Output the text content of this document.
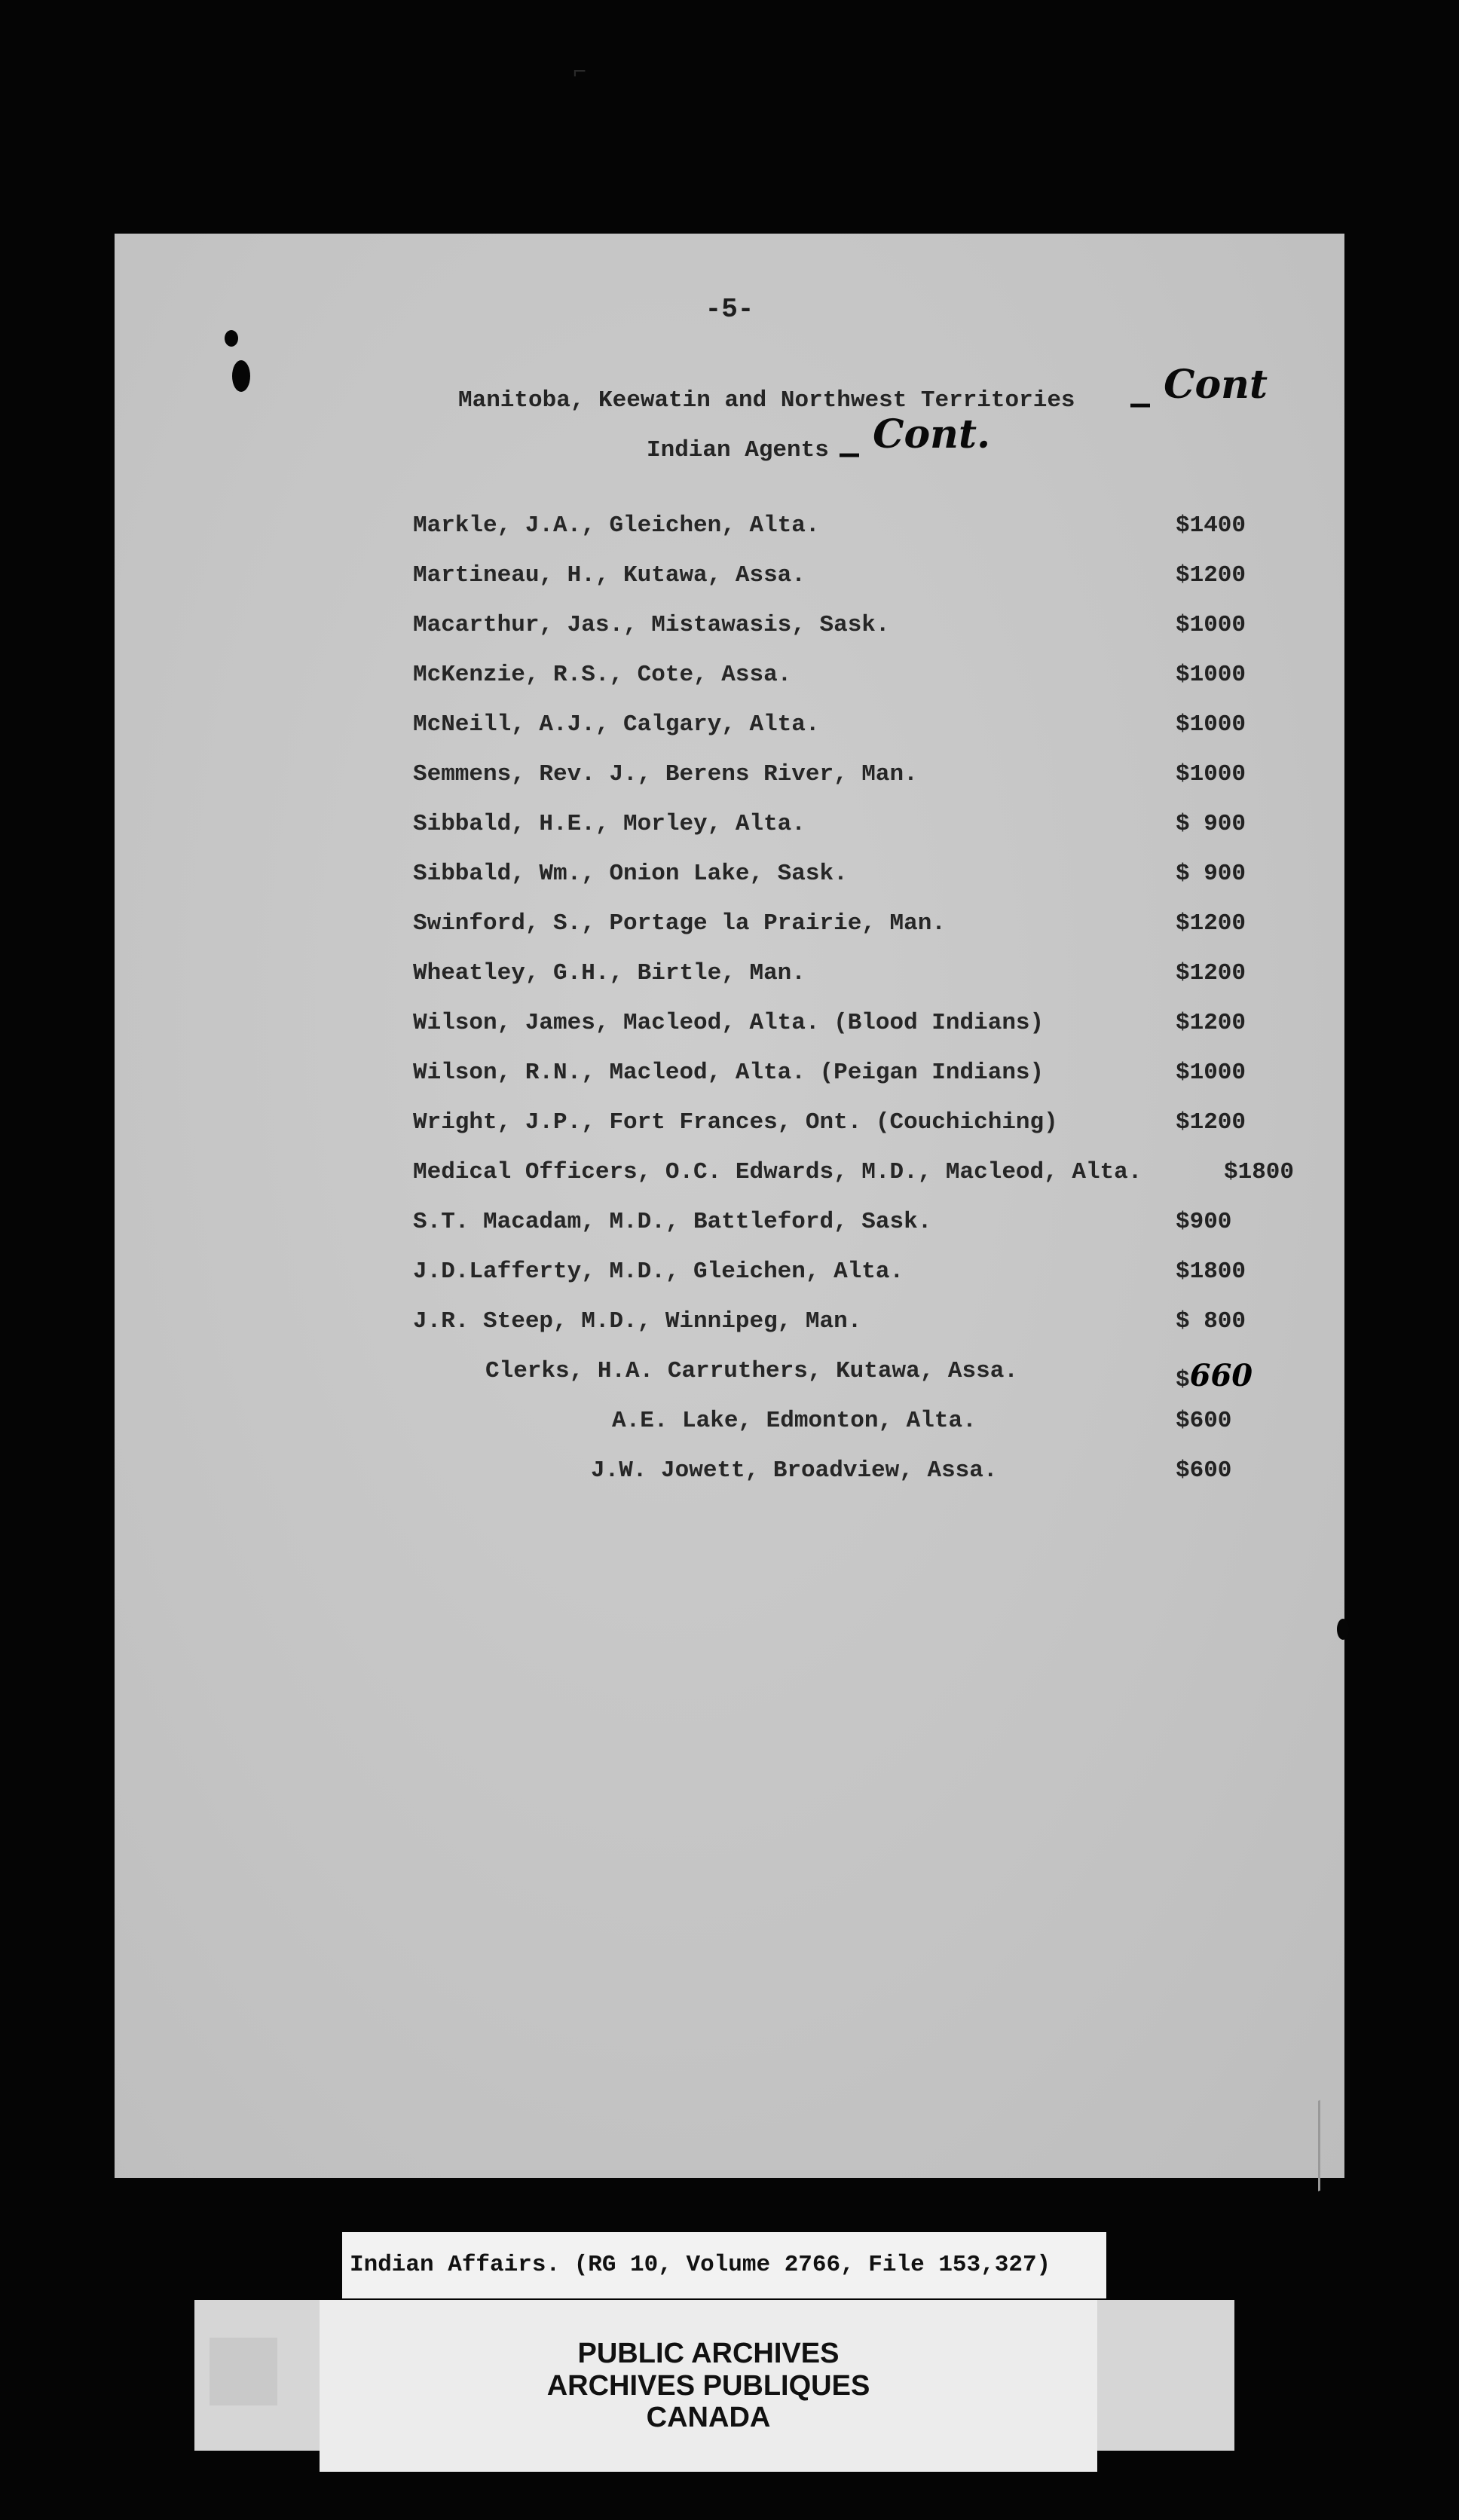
⌐
-5-
Manitoba, Keewatin and Northwest Territories _ Cont
Indian Agents _ Cont.
Markle, J.A., Gleichen, Alta.	$1400
Martineau, H., Kutawa, Assa.	$1200
Macarthur, Jas., Mistawasis, Sask.	$1000
McKenzie, R.S., Cote, Assa.	$1000
McNeill, A.J., Calgary, Alta.	$1000
Semmens, Rev. J., Berens River, Man.	$1000
Sibbald, H.E., Morley, Alta.	$ 900
Sibbald, Wm., Onion Lake, Sask.	$ 900
Swinford, S., Portage la Prairie, Man.	$1200
Wheatley, G.H., Birtle, Man.	$1200
Wilson, James, Macleod, Alta. (Blood Indians)	$1200
Wilson, R.N., Macleod, Alta. (Peigan Indians)	$1000
Wright, J.P., Fort Frances, Ont. (Couchiching)	$1200
Medical Officers, O.C. Edwards, M.D., Macleod, Alta.	$1800
S.T. Macadam, M.D., Battleford, Sask.	$900
J.D.Lafferty, M.D., Gleichen, Alta.	$1800
J.R. Steep, M.D., Winnipeg, Man.	$ 800
Clerks, H.A. Carruthers, Kutawa, Assa.	$660
A.E. Lake, Edmonton, Alta.	$600
J.W. Jowett, Broadview, Assa.	$600
Indian Affairs. (RG 10, Volume 2766, File 153,327)
PUBLIC ARCHIVES
ARCHIVES PUBLIQUES
CANADA
